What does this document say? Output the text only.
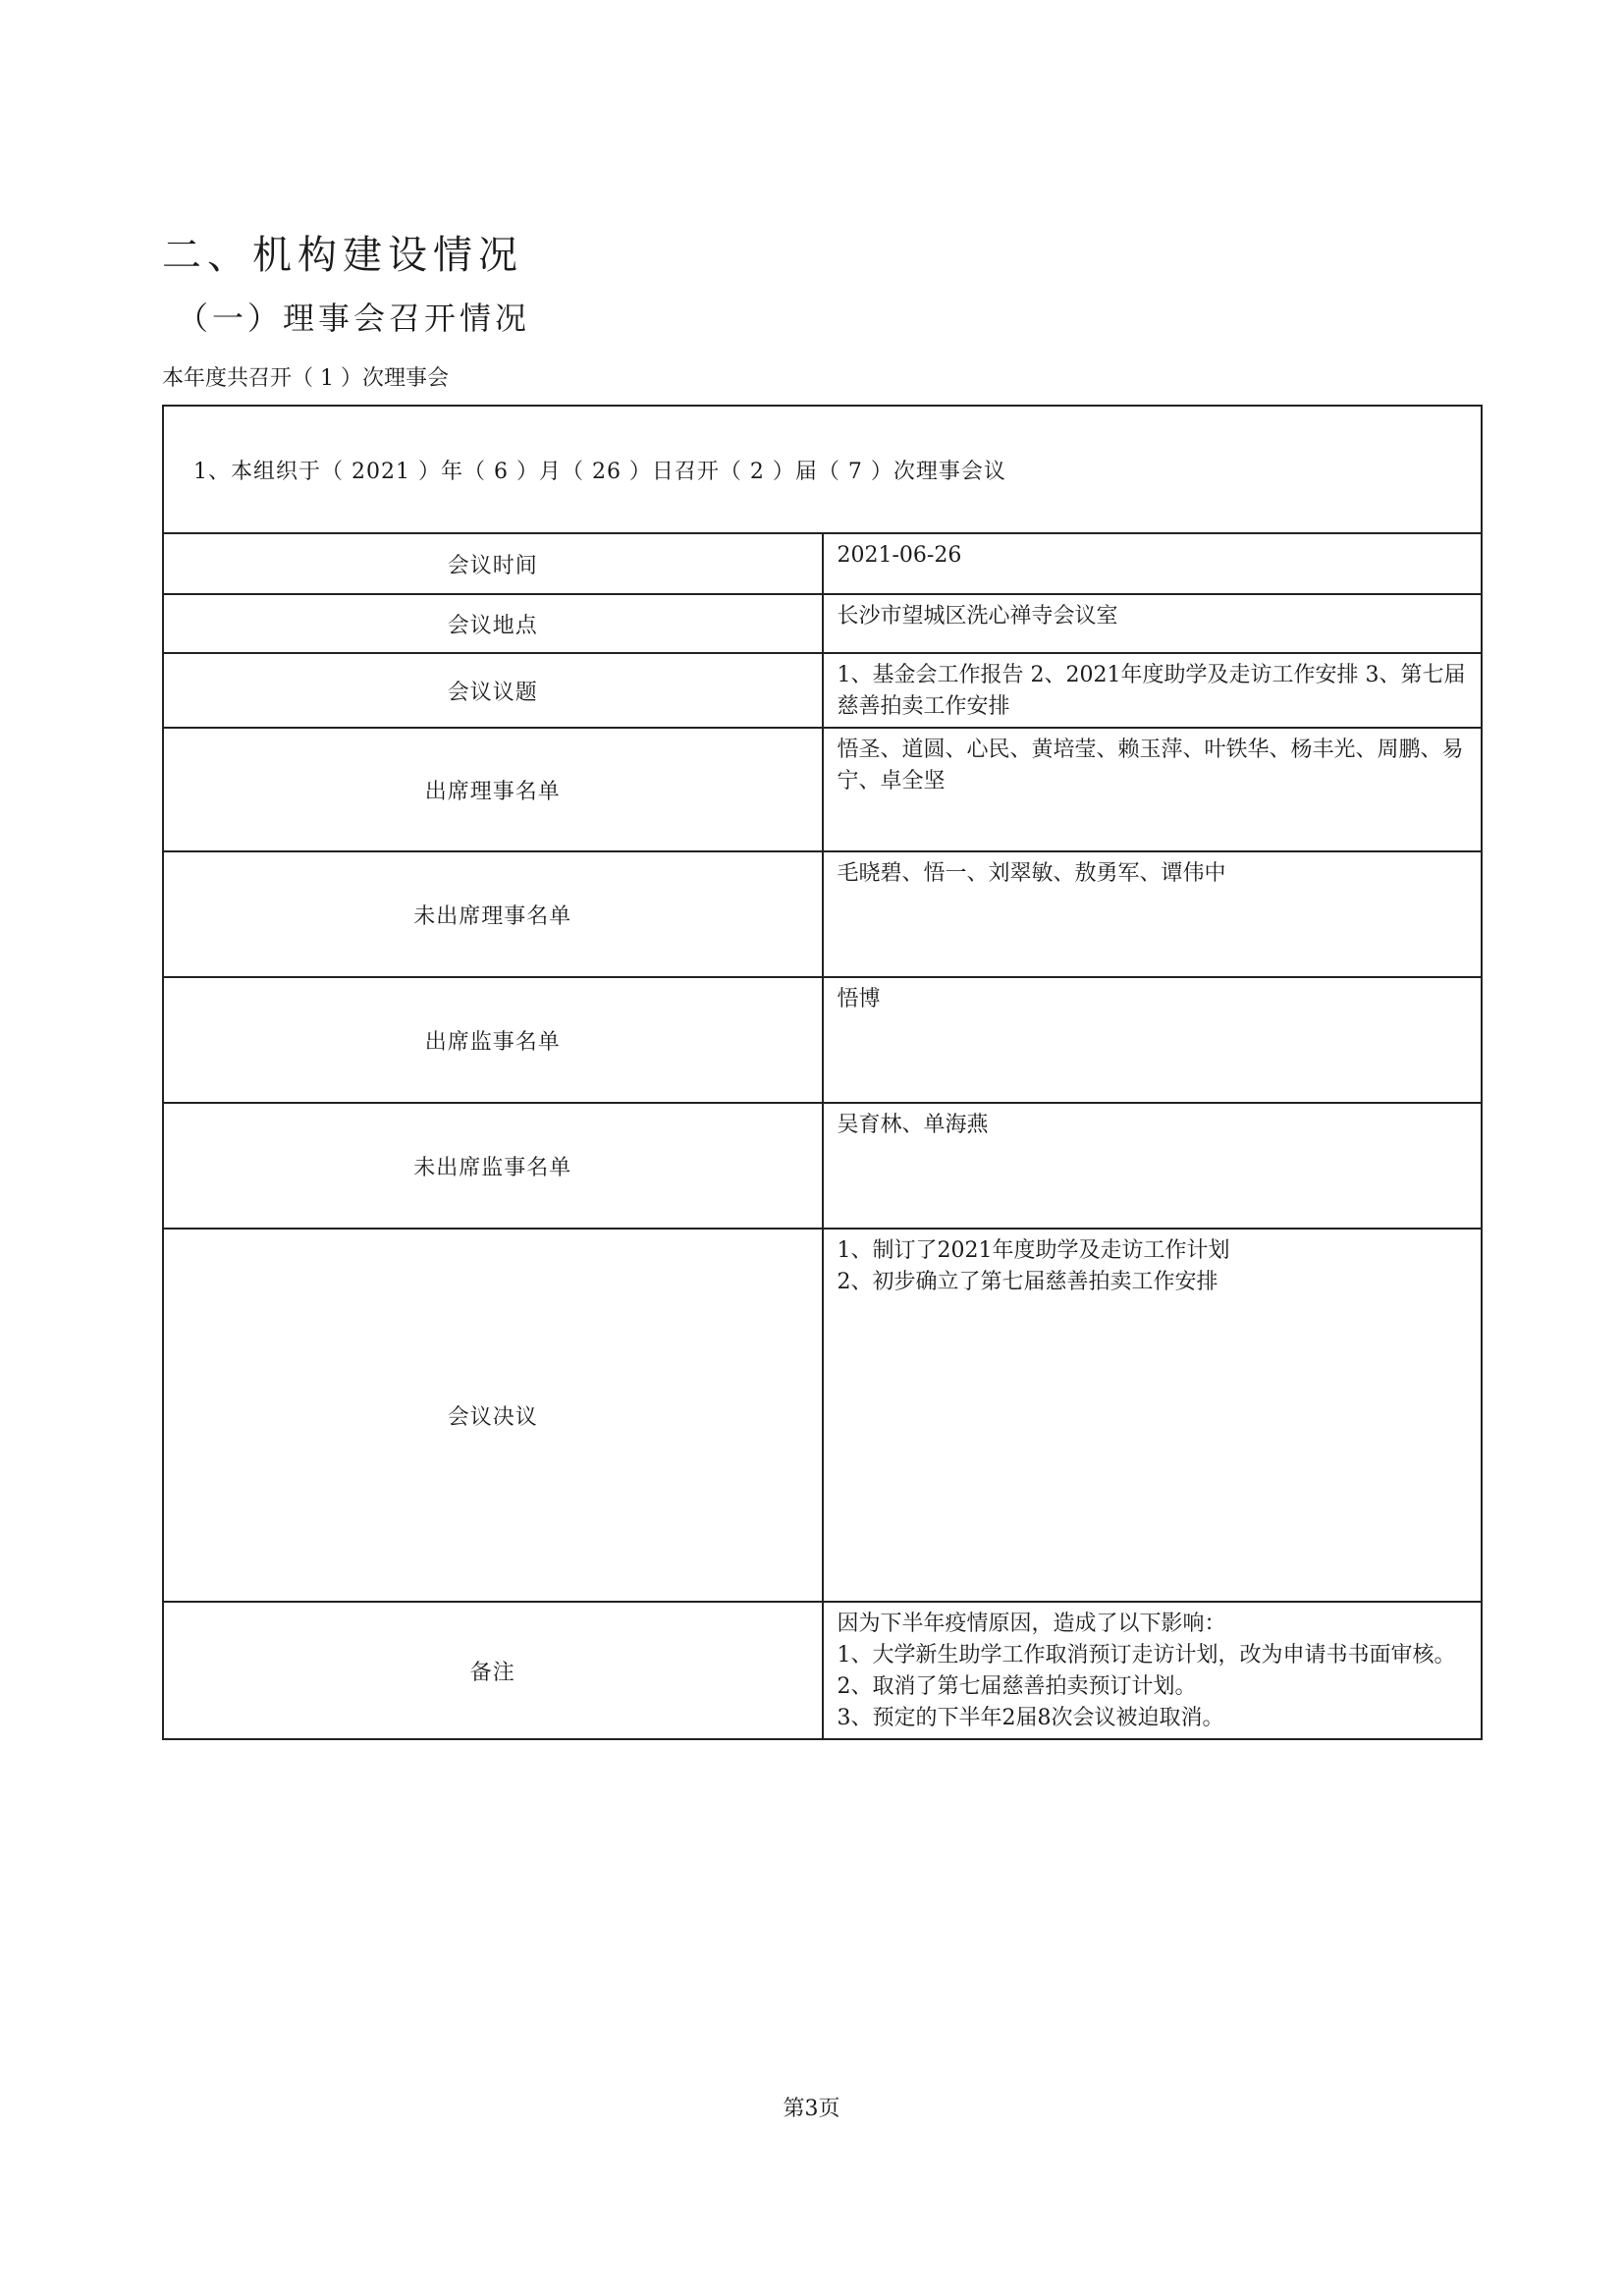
二、机构建设情况
（一）理事会召开情况
本年度共召开（ 1 ）次理事会
1、本组织于（ 2021 ）年（ 6 ）月（ 26 ）日召开（ 2 ）届（ 7 ）次理事会议	
会议时间	2021-06-26

会议地点	长沙市望城区洗心禅寺会议室

会议议题	1、基金会工作报告 2、2021年度助学及走访工作安排 3、第七届慈善拍卖工作安排

出席理事名单	悟圣、道圆、心民、黄培莹、赖玉萍、叶铁华、杨丰光、周鹏、易宁、卓全坚

未出席理事名单	毛晓碧、悟一、刘翠敏、敖勇军、谭伟中

出席监事名单	悟博

未出席监事名单	吴育林、单海燕

会议决议	1、制订了2021年度助学及走访工作计划
2、初步确立了第七届慈善拍卖工作安排

备注	因为下半年疫情原因，造成了以下影响：
1、大学新生助学工作取消预订走访计划，改为申请书书面审核。
2、取消了第七届慈善拍卖预订计划。
3、预定的下半年2届8次会议被迫取消。
第3页
